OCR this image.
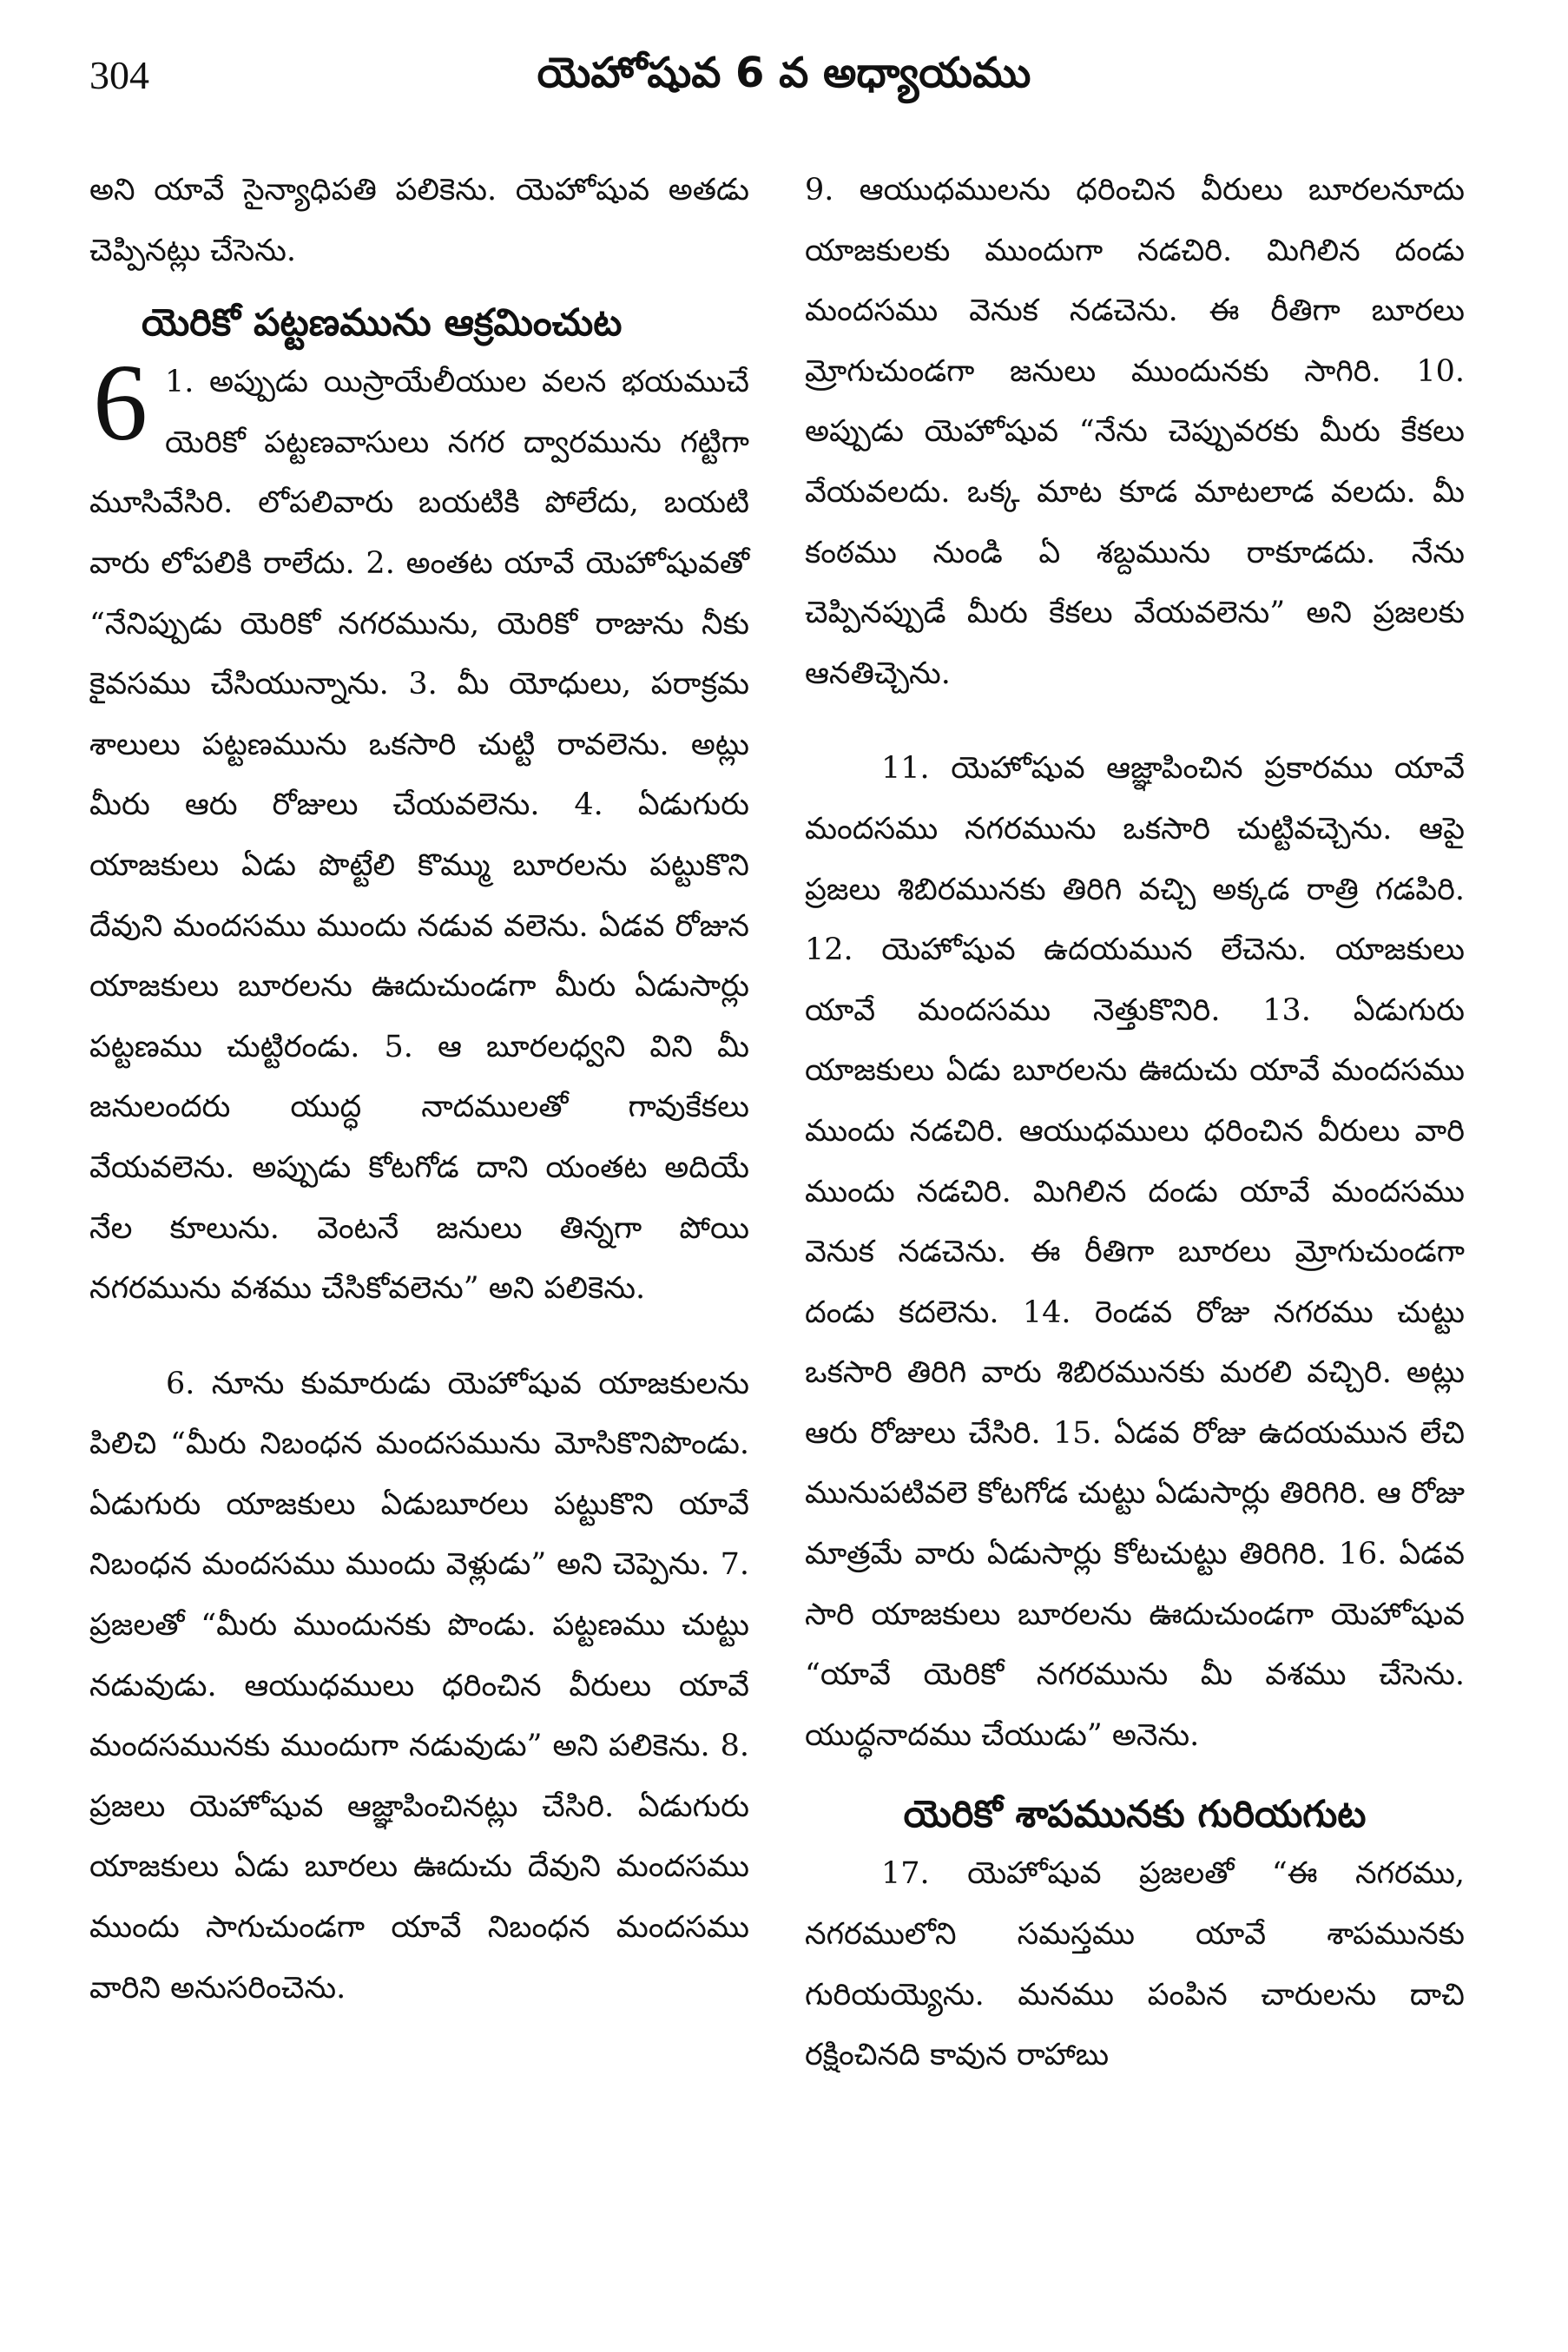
304	యెహోషువ 6 వ అధ్యాయము

అని యావే సైన్యాధిపతి పలికెను. యెహోషువ అతడు చెప్పినట్లు చేసెను.

యెరికో పట్టణమును ఆక్రమించుట

6 1. అప్పుడు యిస్రాయేలీయుల వలన భయముచే యెరికో పట్టణవాసులు నగర ద్వారమును గట్టిగా మూసివేసిరి. లోపలివారు బయటికి పోలేదు, బయటి వారు లోపలికి రాలేదు. 2. అంతట యావే యెహోషువతో “నేనిప్పుడు యెరికో నగరమును, యెరికో రాజును నీకు కైవసము చేసియున్నాను. 3. మీ యోధులు, పరాక్రమ శాలులు పట్టణమును ఒకసారి చుట్టి రావలెను. అట్లు మీరు ఆరు రోజులు చేయవలెను. 4. ఏడుగురు యాజకులు ఏడు పొట్టేలి కొమ్ము బూరలను పట్టుకొని దేవుని మందసము ముందు నడువ వలెను. ఏడవ రోజున యాజకులు బూరలను ఊదుచుండగా మీరు ఏడుసార్లు పట్టణము చుట్టిరండు. 5. ఆ బూరలధ్వని విని మీ జనులందరు యుద్ధ నాదములతో గావుకేకలు వేయవలెను. అప్పుడు కోటగోడ దాని యంతట అదియే నేల కూలును. వెంటనే జనులు తిన్నగా పోయి నగరమును వశము చేసికోవలెను” అని పలికెను.

6. నూను కుమారుడు యెహోషువ యాజకులను పిలిచి “మీరు నిబంధన మందసమును మోసికొనిపొండు. ఏడుగురు యాజకులు ఏడుబూరలు పట్టుకొని యావే నిబంధన మందసము ముందు వెళ్లుడు” అని చెప్పెను. 7. ప్రజలతో “మీరు ముందునకు పొండు. పట్టణము చుట్టు నడువుడు. ఆయుధములు ధరించిన వీరులు యావే మందసమునకు ముందుగా నడువుడు” అని పలికెను. 8. ప్రజలు యెహోషువ ఆజ్ఞాపించినట్లు చేసిరి. ఏడుగురు యాజకులు ఏడు బూరలు ఊదుచు దేవుని మందసము ముందు సాగుచుండగా యావే నిబంధన మందసము వారిని అనుసరించెను.

9. ఆయుధములను ధరించిన వీరులు బూరలనూదు యాజకులకు ముందుగా నడచిరి. మిగిలిన దండు మందసము వెనుక నడచెను. ఈ రీతిగా బూరలు మ్రోగుచుండగా జనులు ముందునకు సాగిరి. 10. అప్పుడు యెహోషువ “నేను చెప్పువరకు మీరు కేకలు వేయవలదు. ఒక్క మాట కూడ మాటలాడ వలదు. మీ కంఠము నుండి ఏ శబ్దమును రాకూడదు. నేను చెప్పినప్పుడే మీరు కేకలు వేయవలెను” అని ప్రజలకు ఆనతిచ్చెను.

11. యెహోషువ ఆజ్ఞాపించిన ప్రకారము యావే మందసము నగరమును ఒకసారి చుట్టివచ్చెను. ఆపై ప్రజలు శిబిరమునకు తిరిగి వచ్చి అక్కడ రాత్రి గడపిరి. 12. యెహోషువ ఉదయమున లేచెను. యాజకులు యావే మందసము నెత్తుకొనిరి. 13. ఏడుగురు యాజకులు ఏడు బూరలను ఊదుచు యావే మందసము ముందు నడచిరి. ఆయుధములు ధరించిన వీరులు వారి ముందు నడచిరి. మిగిలిన దండు యావే మందసము వెనుక నడచెను. ఈ రీతిగా బూరలు మ్రోగుచుండగా దండు కదలెను. 14. రెండవ రోజు నగరము చుట్టు ఒకసారి తిరిగి వారు శిబిరమునకు మరలి వచ్చిరి. అట్లు ఆరు రోజులు చేసిరి. 15. ఏడవ రోజు ఉదయమున లేచి మునుపటివలె కోటగోడ చుట్టు ఏడుసార్లు తిరిగిరి. ఆ రోజు మాత్రమే వారు ఏడుసార్లు కోటచుట్టు తిరిగిరి. 16. ఏడవ సారి యాజకులు బూరలను ఊదుచుండగా యెహోషువ “యావే యెరికో నగరమును మీ వశము చేసెను. యుద్ధనాదము చేయుడు” అనెను.

యెరికో శాపమునకు గురియగుట

17. యెహోషువ ప్రజలతో “ఈ నగరము, నగరములోని సమస్తము యావే శాపమునకు గురియయ్యెను. మనము పంపిన చారులను దాచి రక్షించినది కావున రాహాబు
